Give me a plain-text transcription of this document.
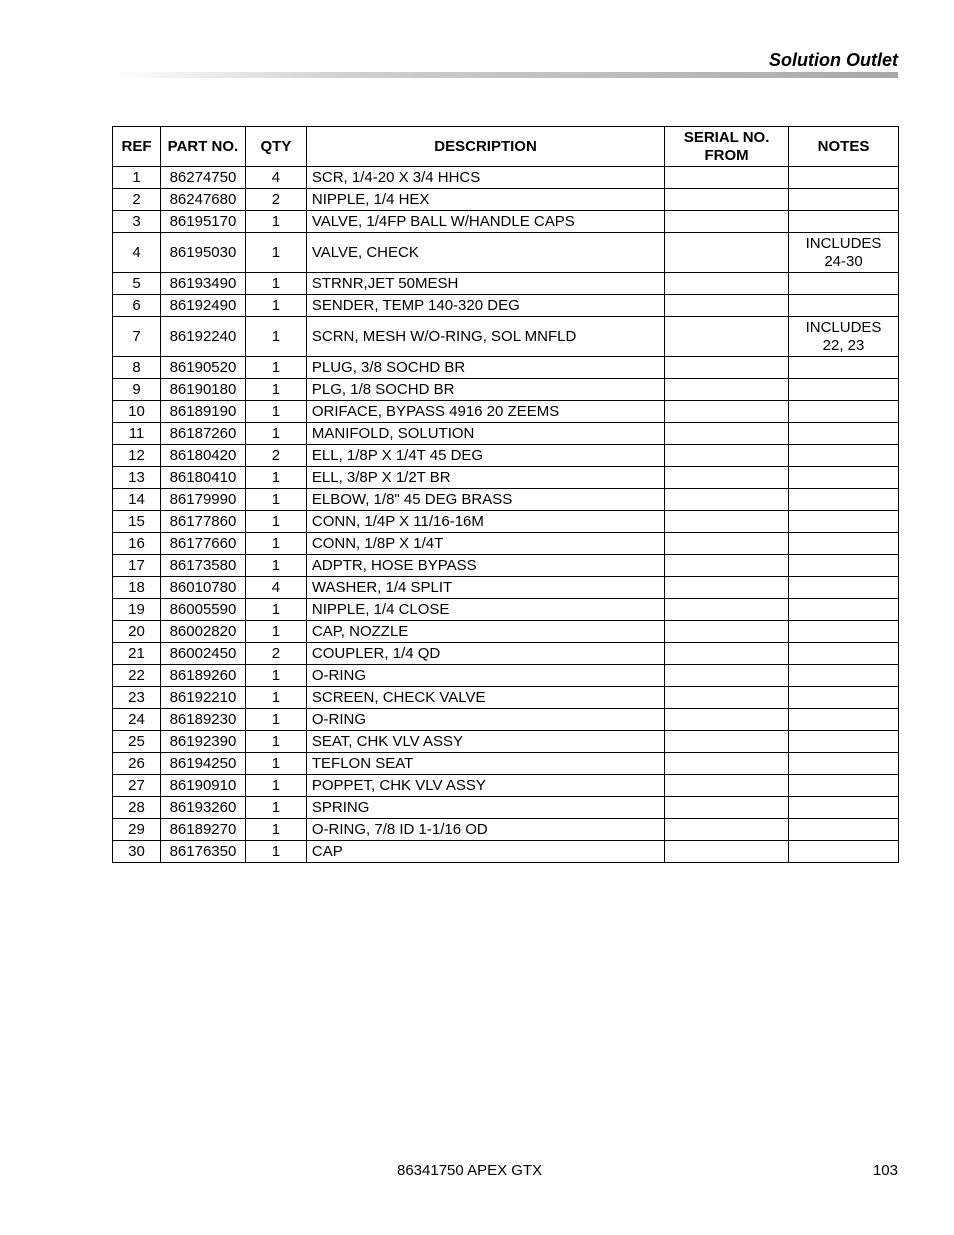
Solution Outlet
REF	PART NO.	QTY	DESCRIPTION	SERIAL NO. FROM	NOTES
1	86274750	4	SCR, 1/4-20 X 3/4 HHCS		
2	86247680	2	NIPPLE, 1/4 HEX		
3	86195170	1	VALVE, 1/4FP BALL W/HANDLE CAPS		
4	86195030	1	VALVE, CHECK		INCLUDES 24-30
5	86193490	1	STRNR,JET 50MESH		
6	86192490	1	SENDER, TEMP 140-320 DEG		
7	86192240	1	SCRN, MESH W/O-RING, SOL MNFLD		INCLUDES 22, 23
8	86190520	1	PLUG, 3/8 SOCHD BR		
9	86190180	1	PLG, 1/8 SOCHD BR		
10	86189190	1	ORIFACE, BYPASS 4916 20 ZEEMS		
11	86187260	1	MANIFOLD, SOLUTION		
12	86180420	2	ELL, 1/8P X 1/4T 45 DEG		
13	86180410	1	ELL, 3/8P X 1/2T BR		
14	86179990	1	ELBOW, 1/8" 45 DEG BRASS		
15	86177860	1	CONN, 1/4P X 11/16-16M		
16	86177660	1	CONN, 1/8P X 1/4T		
17	86173580	1	ADPTR, HOSE BYPASS		
18	86010780	4	WASHER, 1/4 SPLIT		
19	86005590	1	NIPPLE, 1/4 CLOSE		
20	86002820	1	CAP, NOZZLE		
21	86002450	2	COUPLER, 1/4 QD		
22	86189260	1	O-RING		
23	86192210	1	SCREEN, CHECK VALVE		
24	86189230	1	O-RING		
25	86192390	1	SEAT, CHK VLV ASSY		
26	86194250	1	TEFLON SEAT		
27	86190910	1	POPPET, CHK VLV ASSY		
28	86193260	1	SPRING		
29	86189270	1	O-RING, 7/8 ID 1-1/16 OD		
30	86176350	1	CAP		
86341750 APEX GTX	103
